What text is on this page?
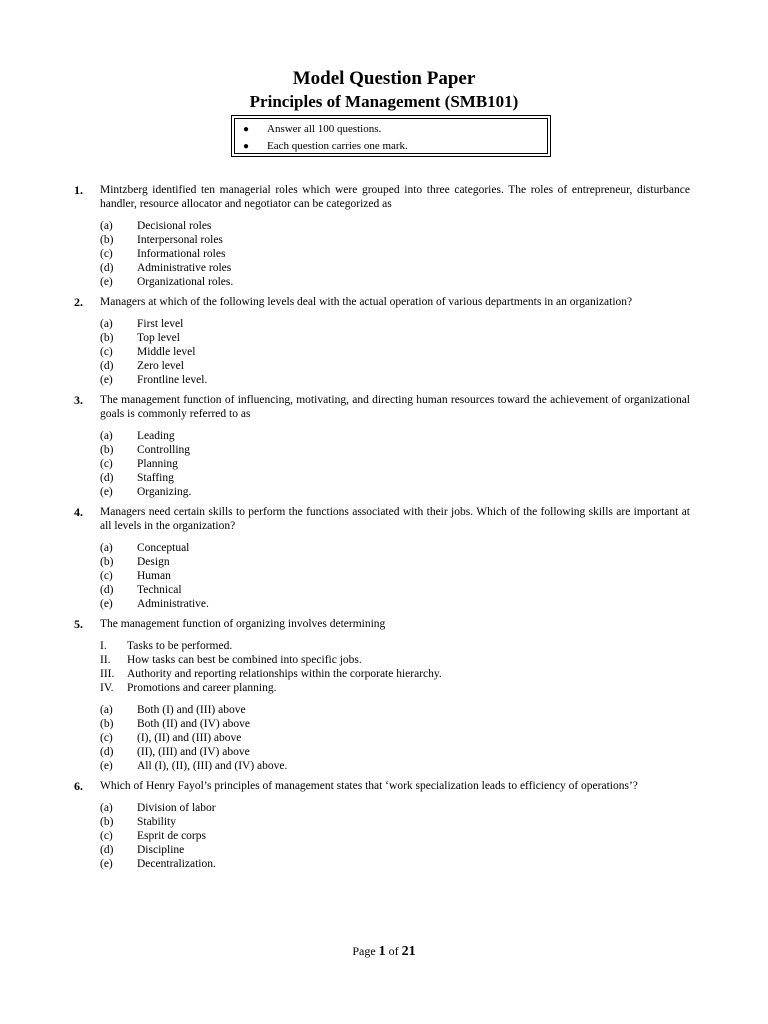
Model Question Paper
Principles of Management (SMB101)
● Answer all 100 questions.
● Each question carries one mark.
1. Mintzberg identified ten managerial roles which were grouped into three categories. The roles of entrepreneur, disturbance handler, resource allocator and negotiator can be categorized as
(a) Decisional roles
(b) Interpersonal roles
(c) Informational roles
(d) Administrative roles
(e) Organizational roles.
2. Managers at which of the following levels deal with the actual operation of various departments in an organization?
(a) First level
(b) Top level
(c) Middle level
(d) Zero level
(e) Frontline level.
3. The management function of influencing, motivating, and directing human resources toward the achievement of organizational goals is commonly referred to as
(a) Leading
(b) Controlling
(c) Planning
(d) Staffing
(e) Organizing.
4. Managers need certain skills to perform the functions associated with their jobs. Which of the following skills are important at all levels in the organization?
(a) Conceptual
(b) Design
(c) Human
(d) Technical
(e) Administrative.
5. The management function of organizing involves determining
I. Tasks to be performed.
II. How tasks can best be combined into specific jobs.
III. Authority and reporting relationships within the corporate hierarchy.
IV. Promotions and career planning.
(a) Both (I) and (III) above
(b) Both (II) and (IV) above
(c) (I), (II) and (III) above
(d) (II), (III) and (IV) above
(e) All (I), (II), (III) and (IV) above.
6. Which of Henry Fayol’s principles of management states that ‘work specialization leads to efficiency of operations’?
(a) Division of labor
(b) Stability
(c) Esprit de corps
(d) Discipline
(e) Decentralization.
Page 1 of 21
